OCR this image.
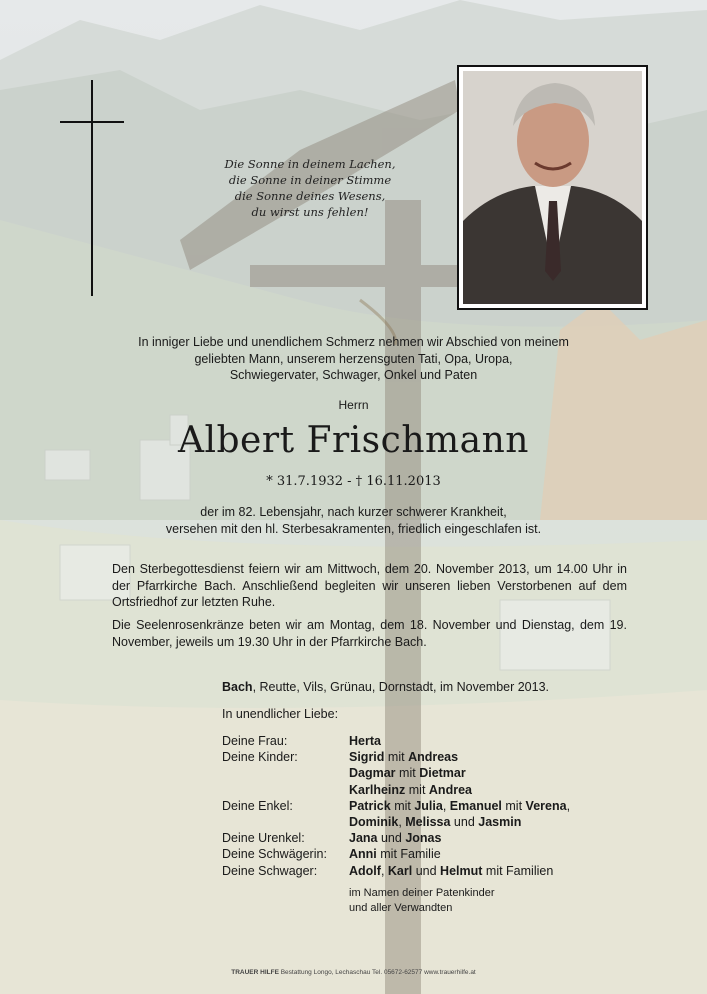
Die Sonne in deinem Lachen,
die Sonne in deiner Stimme
die Sonne deines Wesens,
du wirst uns fehlen!
In inniger Liebe und unendlichem Schmerz nehmen wir Abschied von meinem
geliebten Mann, unserem herzensguten Tati, Opa, Uropa,
Schwiegervater, Schwager, Onkel und Paten
Herrn
Albert Frischmann
* 31.7.1932 - † 16.11.2013
der im 82. Lebensjahr, nach kurzer schwerer Krankheit,
versehen mit den hl. Sterbesakramenten, friedlich eingeschlafen ist.
Den Sterbegottesdienst feiern wir am Mittwoch, dem 20. November 2013, um 14.00 Uhr in der Pfarrkirche Bach. Anschließend begleiten wir unseren lieben Verstorbenen auf dem Ortsfriedhof zur letzten Ruhe.
Die Seelenrosenkränze beten wir am Montag, dem 18. November und Dienstag, dem 19. November, jeweils um 19.30 Uhr in der Pfarrkirche Bach.
Bach, Reutte, Vils, Grünau, Dornstadt, im November 2013.
In unendlicher Liebe:
Deine Frau:	Herta
Deine Kinder:	Sigrid mit Andreas
Dagmar mit Dietmar
Karlheinz mit Andrea
Deine Enkel:	Patrick mit Julia, Emanuel mit Verena,
Dominik, Melissa und Jasmin
Deine Urenkel:	Jana und Jonas
Deine Schwägerin:	Anni mit Familie
Deine Schwager:	Adolf, Karl und Helmut mit Familien
im Namen deiner Patenkinder
und aller Verwandten
TRAUER HILFE Bestattung Longo, Lechaschau Tel. 05672-62577 www.trauerhilfe.at
